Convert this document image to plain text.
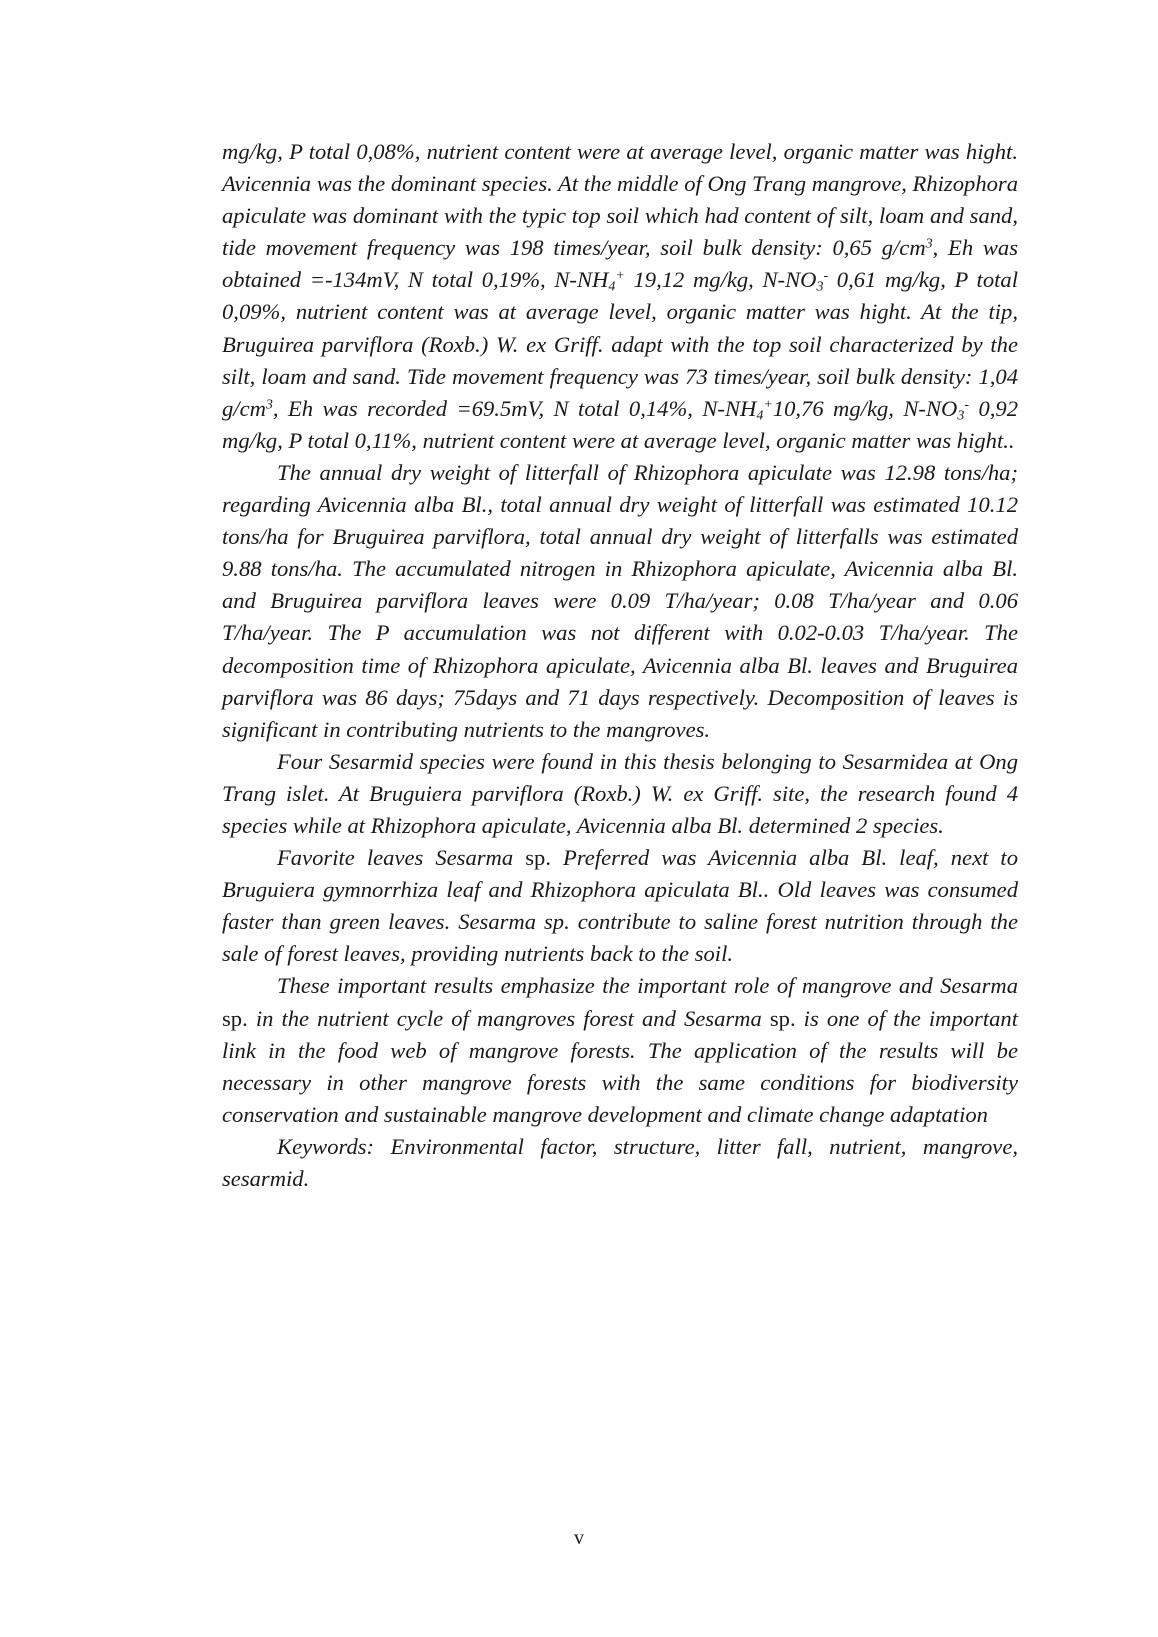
mg/kg, P total 0,08%, nutrient content were at average level, organic matter was hight. Avicennia was the dominant species. At the middle of Ong Trang mangrove, Rhizophora apiculate was dominant with the typic top soil which had content of silt, loam and sand, tide movement frequency was 198 times/year, soil bulk density: 0,65 $g/cm^3$, Eh was obtained =-134mV, N total 0,19%, $N-NH_4^+$ 19,12 mg/kg, $N-NO_3^-$ 0,61 mg/kg, P total 0,09%, nutrient content was at average level, organic matter was hight. At the tip, Bruguirea parviflora (Roxb.) W. ex Griff. adapt with the top soil characterized by the silt, loam and sand. Tide movement frequency was 73 times/year, soil bulk density: 1,04 $g/cm^3$, Eh was recorded =69.5mV, N total 0,14%, $N-NH_4^+10,76$ mg/kg, $N-NO_3^-$ 0,92 mg/kg, P total 0,11%, nutrient content were at average level, organic matter was hight..

The annual dry weight of litterfall of Rhizophora apiculate was 12.98 tons/ha; regarding Avicennia alba Bl., total annual dry weight of litterfall was estimated 10.12 tons/ha for Bruguirea parviflora, total annual dry weight of litterfalls was estimated 9.88 tons/ha. The accumulated nitrogen in Rhizophora apiculate, Avicennia alba Bl. and Bruguirea parviflora leaves were 0.09 T/ha/year; 0.08 T/ha/year and 0.06 T/ha/year. The P accumulation was not different with 0.02-0.03 T/ha/year. The decomposition time of Rhizophora apiculate, Avicennia alba Bl. leaves and Bruguirea parviflora was 86 days; 75days and 71 days respectively. Decomposition of leaves is significant in contributing nutrients to the mangroves.

Four Sesarmid species were found in this thesis belonging to Sesarmidea at Ong Trang islet. At Bruguiera parviflora (Roxb.) W. ex Griff. site, the research found 4 species while at Rhizophora apiculate, Avicennia alba Bl. determined 2 species.

Favorite leaves Sesarma sp. Preferred was Avicennia alba Bl. leaf, next to Bruguiera gymnorrhiza leaf and Rhizophora apiculata Bl.. Old leaves was consumed faster than green leaves. Sesarma sp. contribute to saline forest nutrition through the sale of forest leaves, providing nutrients back to the soil.

These important results emphasize the important role of mangrove and Sesarma sp. in the nutrient cycle of mangroves forest and Sesarma sp. is one of the important link in the food web of mangrove forests. The application of the results will be necessary in other mangrove forests with the same conditions for biodiversity conservation and sustainable mangrove development and climate change adaptation

Keywords: Environmental factor, structure, litter fall, nutrient, mangrove, sesarmid.

v
